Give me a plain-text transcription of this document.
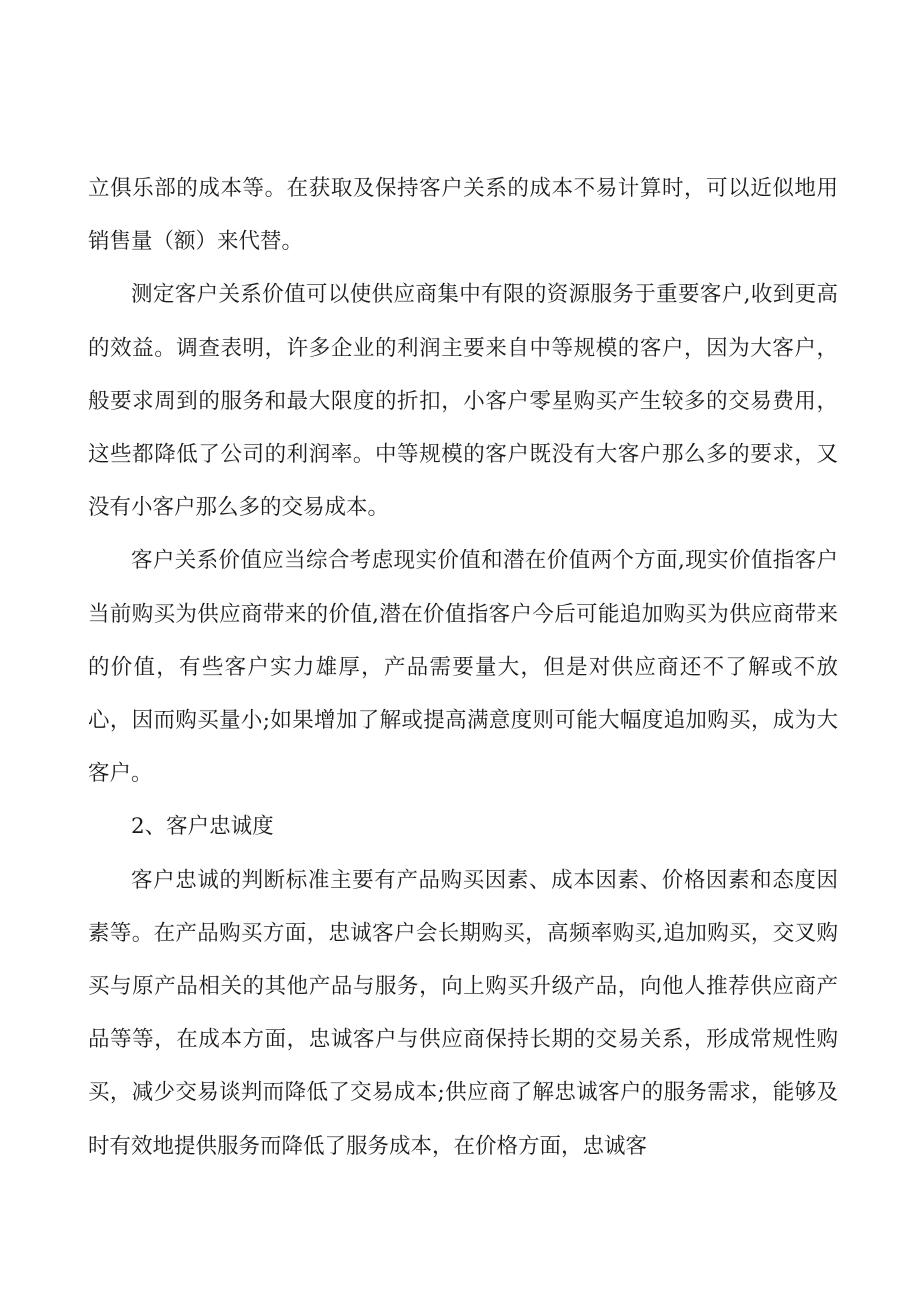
立俱乐部的成本等。在获取及保持客户关系的成本不易计算时，可以近似地用销售量（额）来代替。

测定客户关系价值可以使供应商集中有限的资源服务于重要客户,收到更高的效益。调查表明，许多企业的利润主要来自中等规模的客户，因为大客户，般要求周到的服务和最大限度的折扣，小客户零星购买产生较多的交易费用，这些都降低了公司的利润率。中等规模的客户既没有大客户那么多的要求，又没有小客户那么多的交易成本。

客户关系价值应当综合考虑现实价值和潜在价值两个方面,现实价值指客户当前购买为供应商带来的价值,潜在价值指客户今后可能追加购买为供应商带来的价值，有些客户实力雄厚，产品需要量大，但是对供应商还不了解或不放心，因而购买量小;如果增加了解或提高满意度则可能大幅度追加购买，成为大客户。

2、客户忠诚度

客户忠诚的判断标准主要有产品购买因素、成本因素、价格因素和态度因素等。在产品购买方面，忠诚客户会长期购买，高频率购买,追加购买，交叉购买与原产品相关的其他产品与服务，向上购买升级产品，向他人推荐供应商产品等等，在成本方面，忠诚客户与供应商保持长期的交易关系，形成常规性购买，减少交易谈判而降低了交易成本;供应商了解忠诚客户的服务需求，能够及时有效地提供服务而降低了服务成本，在价格方面，忠诚客
